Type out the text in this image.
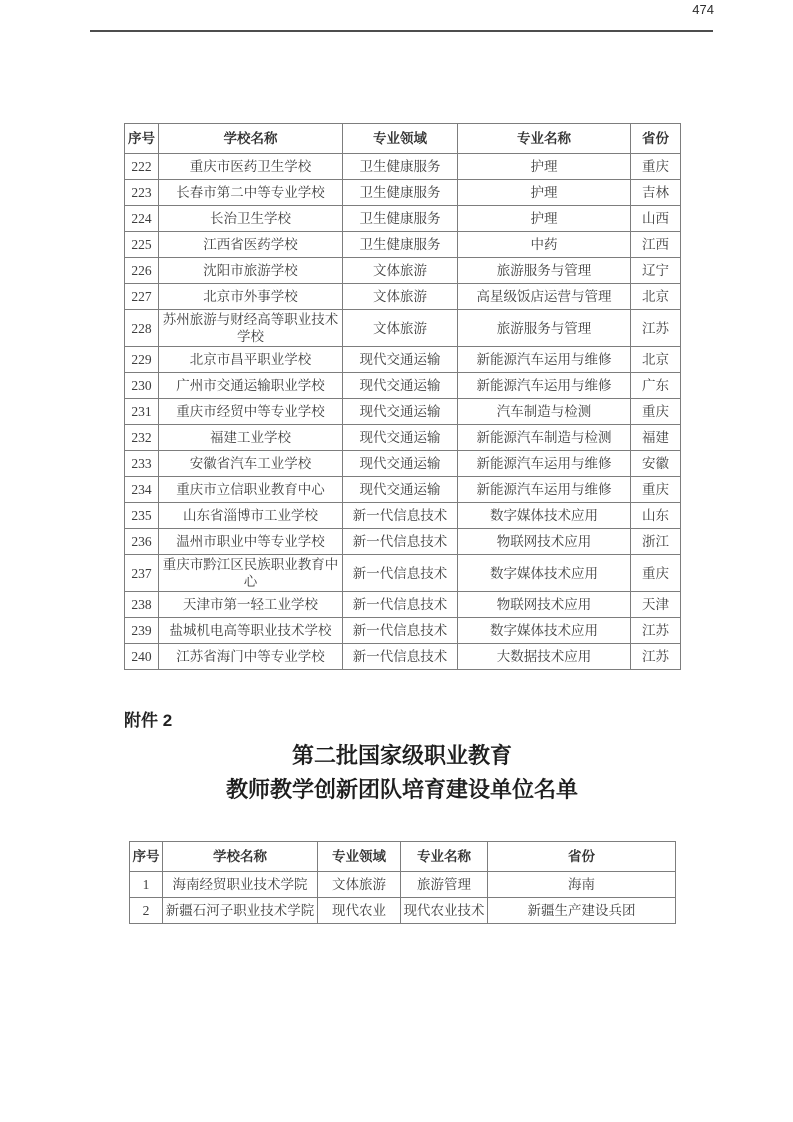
474
序号	学校名称	专业领域	专业名称	省份
222	重庆市医药卫生学校	卫生健康服务	护理	重庆
223	长春市第二中等专业学校	卫生健康服务	护理	吉林
224	长治卫生学校	卫生健康服务	护理	山西
225	江西省医药学校	卫生健康服务	中药	江西
226	沈阳市旅游学校	文体旅游	旅游服务与管理	辽宁
227	北京市外事学校	文体旅游	高星级饭店运营与管理	北京
228	苏州旅游与财经高等职业技术学校	文体旅游	旅游服务与管理	江苏
229	北京市昌平职业学校	现代交通运输	新能源汽车运用与维修	北京
230	广州市交通运输职业学校	现代交通运输	新能源汽车运用与维修	广东
231	重庆市经贸中等专业学校	现代交通运输	汽车制造与检测	重庆
232	福建工业学校	现代交通运输	新能源汽车制造与检测	福建
233	安徽省汽车工业学校	现代交通运输	新能源汽车运用与维修	安徽
234	重庆市立信职业教育中心	现代交通运输	新能源汽车运用与维修	重庆
235	山东省淄博市工业学校	新一代信息技术	数字媒体技术应用	山东
236	温州市职业中等专业学校	新一代信息技术	物联网技术应用	浙江
237	重庆市黔江区民族职业教育中心	新一代信息技术	数字媒体技术应用	重庆
238	天津市第一轻工业学校	新一代信息技术	物联网技术应用	天津
239	盐城机电高等职业技术学校	新一代信息技术	数字媒体技术应用	江苏
240	江苏省海门中等专业学校	新一代信息技术	大数据技术应用	江苏
附件 2
第二批国家级职业教育
教师教学创新团队培育建设单位名单
序号	学校名称	专业领域	专业名称	省份
1	海南经贸职业技术学院	文体旅游	旅游管理	海南
2	新疆石河子职业技术学院	现代农业	现代农业技术	新疆生产建设兵团
